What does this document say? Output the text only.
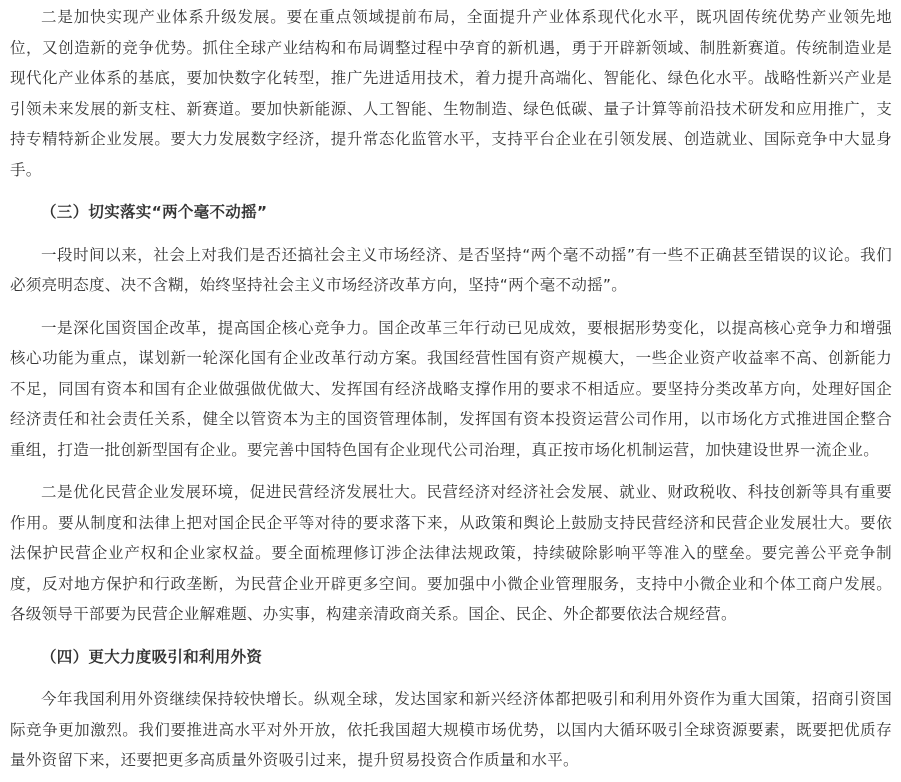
二是加快实现产业体系升级发展。要在重点领域提前布局，全面提升产业体系现代化水平，既巩固传统优势产业领先地位，又创造新的竞争优势。抓住全球产业结构和布局调整过程中孕育的新机遇，勇于开辟新领域、制胜新赛道。传统制造业是现代化产业体系的基底，要加快数字化转型，推广先进适用技术，着力提升高端化、智能化、绿色化水平。战略性新兴产业是引领未来发展的新支柱、新赛道。要加快新能源、人工智能、生物制造、绿色低碳、量子计算等前沿技术研发和应用推广，支持专精特新企业发展。要大力发展数字经济，提升常态化监管水平，支持平台企业在引领发展、创造就业、国际竞争中大显身手。

（三）切实落实“两个毫不动摇”

一段时间以来，社会上对我们是否还搞社会主义市场经济、是否坚持“两个毫不动摇”有一些不正确甚至错误的议论。我们必须亮明态度、决不含糊，始终坚持社会主义市场经济改革方向，坚持“两个毫不动摇”。

一是深化国资国企改革，提高国企核心竞争力。国企改革三年行动已见成效，要根据形势变化，以提高核心竞争力和增强核心功能为重点，谋划新一轮深化国有企业改革行动方案。我国经营性国有资产规模大，一些企业资产收益率不高、创新能力不足，同国有资本和国有企业做强做优做大、发挥国有经济战略支撑作用的要求不相适应。要坚持分类改革方向，处理好国企经济责任和社会责任关系，健全以管资本为主的国资管理体制，发挥国有资本投资运营公司作用，以市场化方式推进国企整合重组，打造一批创新型国有企业。要完善中国特色国有企业现代公司治理，真正按市场化机制运营，加快建设世界一流企业。

二是优化民营企业发展环境，促进民营经济发展壮大。民营经济对经济社会发展、就业、财政税收、科技创新等具有重要作用。要从制度和法律上把对国企民企平等对待的要求落下来，从政策和舆论上鼓励支持民营经济和民营企业发展壮大。要依法保护民营企业产权和企业家权益。要全面梳理修订涉企法律法规政策，持续破除影响平等准入的壁垒。要完善公平竞争制度，反对地方保护和行政垄断，为民营企业开辟更多空间。要加强中小微企业管理服务，支持中小微企业和个体工商户发展。各级领导干部要为民营企业解难题、办实事，构建亲清政商关系。国企、民企、外企都要依法合规经营。

（四）更大力度吸引和利用外资

今年我国利用外资继续保持较快增长。纵观全球，发达国家和新兴经济体都把吸引和利用外资作为重大国策，招商引资国际竞争更加激烈。我们要推进高水平对外开放，依托我国超大规模市场优势，以国内大循环吸引全球资源要素，既要把优质存量外资留下来，还要把更多高质量外资吸引过来，提升贸易投资合作质量和水平。
